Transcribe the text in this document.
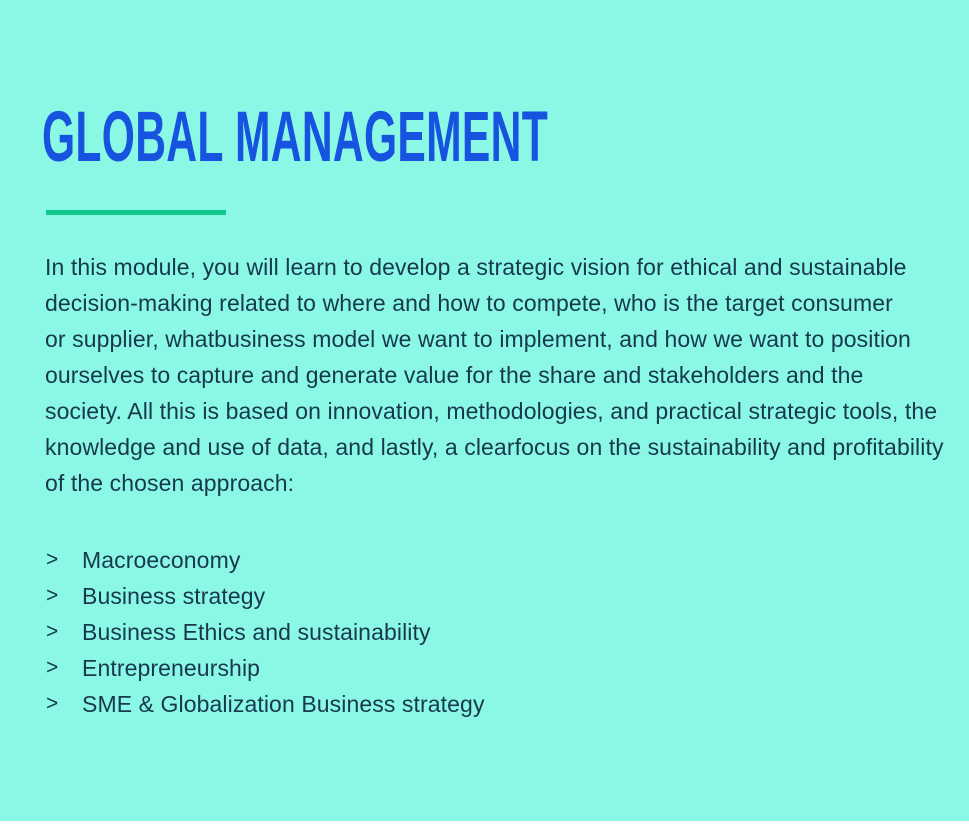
GLOBAL MANAGEMENT
In this module, you will learn to develop a strategic vision for ethical and sustainable
decision-making related to where and how to compete, who is the target consumer
or supplier, whatbusiness model we want to implement, and how we want to position
ourselves to capture and generate value for the share and stakeholders and the
society. All this is based on innovation, methodologies, and practical strategic tools, the
knowledge and use of data, and lastly, a clearfocus on the sustainability and profitability
of the chosen approach:
>	Macroeconomy
>	Business strategy
>	Business Ethics and sustainability
>	Entrepreneurship
>	SME & Globalization Business strategy
